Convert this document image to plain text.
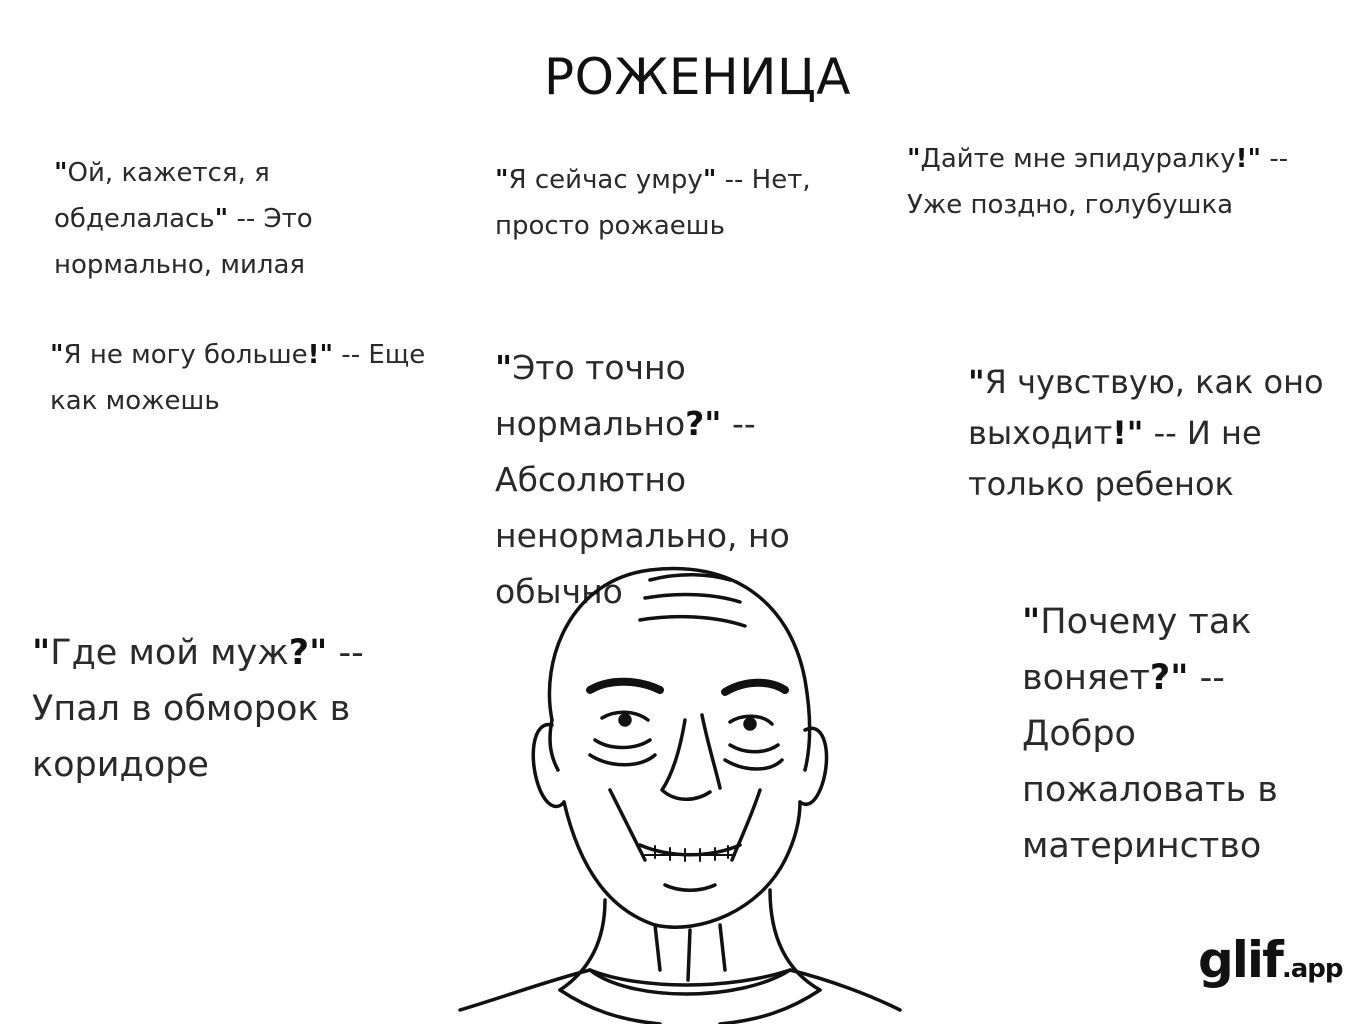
РОЖЕНИЦА
"Ой, кажется, я обделалась" -- Это нормально, милая
"Я сейчас умру" -- Нет, просто рожаешь
"Дайте мне эпидуралку!" -- Уже поздно, голубушка
"Я не могу больше!" -- Еще как можешь
"Это точно нормально?" -- Абсолютно ненормально, но обычно
"Я чувствую, как оно выходит!" -- И не только ребенок
"Где мой муж?" -- Упал в обморок в коридоре
"Почему так воняет?" -- Добро пожаловать в материнство
glif.app
